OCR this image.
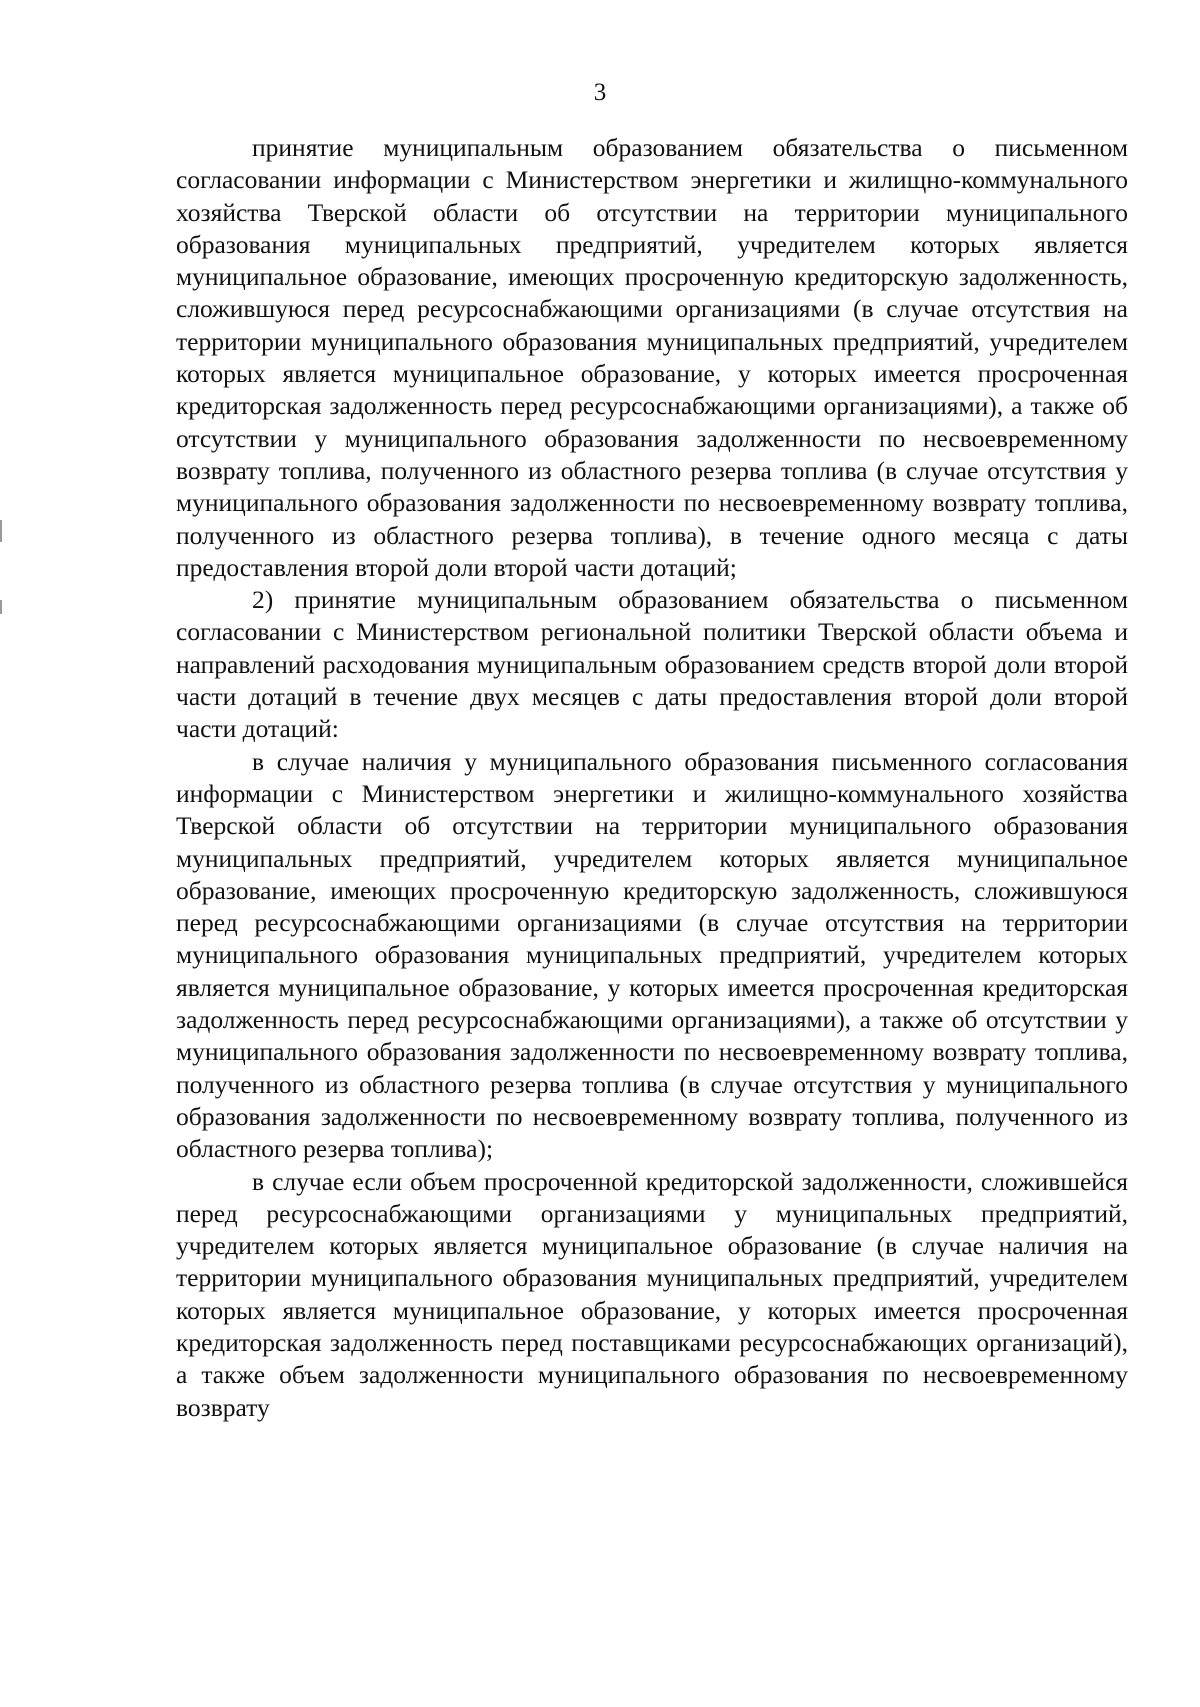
3

принятие муниципальным образованием обязательства о письменном согласовании информации с Министерством энергетики и жилищно-коммунального хозяйства Тверской области об отсутствии на территории муниципального образования муниципальных предприятий, учредителем которых является муниципальное образование, имеющих просроченную кредиторскую задолженность, сложившуюся перед ресурсоснабжающими организациями (в случае отсутствия на территории муниципального образования муниципальных предприятий, учредителем которых является муниципальное образование, у которых имеется просроченная кредиторская задолженность перед ресурсоснабжающими организациями), а также об отсутствии у муниципального образования задолженности по несвоевременному возврату топлива, полученного из областного резерва топлива (в случае отсутствия у муниципального образования задолженности по несвоевременному возврату топлива, полученного из областного резерва топлива), в течение одного месяца с даты предоставления второй доли второй части дотаций;

2) принятие муниципальным образованием обязательства о письменном согласовании с Министерством региональной политики Тверской области объема и направлений расходования муниципальным образованием средств второй доли второй части дотаций в течение двух месяцев с даты предоставления второй доли второй части дотаций:

в случае наличия у муниципального образования письменного согласования информации с Министерством энергетики и жилищно-коммунального хозяйства Тверской области об отсутствии на территории муниципального образования муниципальных предприятий, учредителем которых является муниципальное образование, имеющих просроченную кредиторскую задолженность, сложившуюся перед ресурсоснабжающими организациями (в случае отсутствия на территории муниципального образования муниципальных предприятий, учредителем которых является муниципальное образование, у которых имеется просроченная кредиторская задолженность перед ресурсоснабжающими организациями), а также об отсутствии у муниципального образования задолженности по несвоевременному возврату топлива, полученного из областного резерва топлива (в случае отсутствия у муниципального образования задолженности по несвоевременному возврату топлива, полученного из областного резерва топлива);

в случае если объем просроченной кредиторской задолженности, сложившейся перед ресурсоснабжающими организациями у муниципальных предприятий, учредителем которых является муниципальное образование (в случае наличия на территории муниципального образования муниципальных предприятий, учредителем которых является муниципальное образование, у которых имеется просроченная кредиторская задолженность перед поставщиками ресурсоснабжающих организаций), а также объем задолженности муниципального образования по несвоевременному возврату
